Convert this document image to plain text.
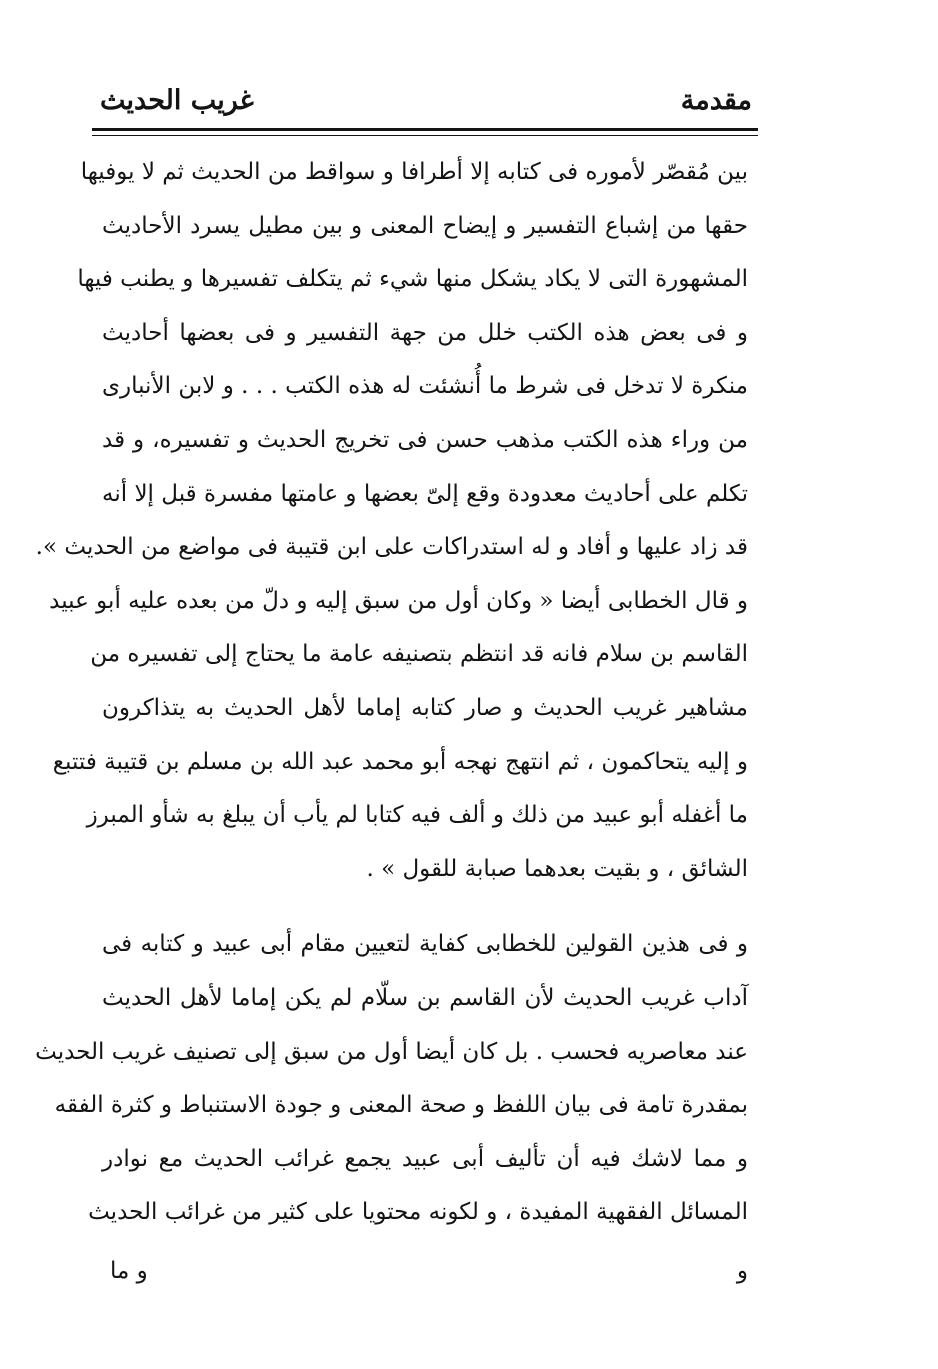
مقدمة
غريب الحديث
بين مُقصّر لأموره فى كتابه إلا أطرافا و سواقط من الحديث ثم لا يوفيها
حقها من إشباع التفسير و إيضاح المعنى و بين مطيل يسرد الأحاديث
المشهورة التى لا يكاد يشكل منها شيء ثم يتكلف تفسيرها و يطنب فيها
و فى بعض هذه الكتب خلل من جهة التفسير و فى بعضها أحاديث
منكرة لا تدخل فى شرط ما أُنشئت له هذه الكتب . . . و لابن الأنبارى
من وراء هذه الكتب مذهب حسن فى تخريج الحديث و تفسيره، و قد
تكلم على أحاديث معدودة وقع إلىّ بعضها و عامتها مفسرة قبل إلا أنه
قد زاد عليها و أفاد و له استدراكات على ابن قتيبة فى مواضع من الحديث ».
و قال الخطابى أيضا « وكان أول من سبق إليه و دلّ من بعده عليه أبو عبيد
القاسم بن سلام فانه قد انتظم بتصنيفه عامة ما يحتاج إلى تفسيره من
مشاهير غريب الحديث و صار كتابه إماما لأهل الحديث به يتذاكرون
و إليه يتحاكمون ، ثم انتهج نهجه أبو محمد عبد الله بن مسلم بن قتيبة فتتبع
ما أغفله أبو عبيد من ذلك و ألف فيه كتابا لم يأب أن يبلغ به شأو المبرز
الشائق ، و بقيت بعدهما صبابة للقول » .
و فى هذين القولين للخطابى كفاية لتعيين مقام أبى عبيد و كتابه فى
آداب غريب الحديث لأن القاسم بن سلّام لم يكن إماما لأهل الحديث
عند معاصريه فحسب . بل كان أيضا أول من سبق إلى تصنيف غريب الحديث
بمقدرة تامة فى بيان اللفظ و صحة المعنى و جودة الاستنباط و كثرة الفقه
و مما لاشك فيه أن تأليف أبى عبيد يجمع غرائب الحديث مع نوادر
المسائل الفقهية المفيدة ، و لكونه محتويا على كثير من غرائب الحديث
و
و ما
